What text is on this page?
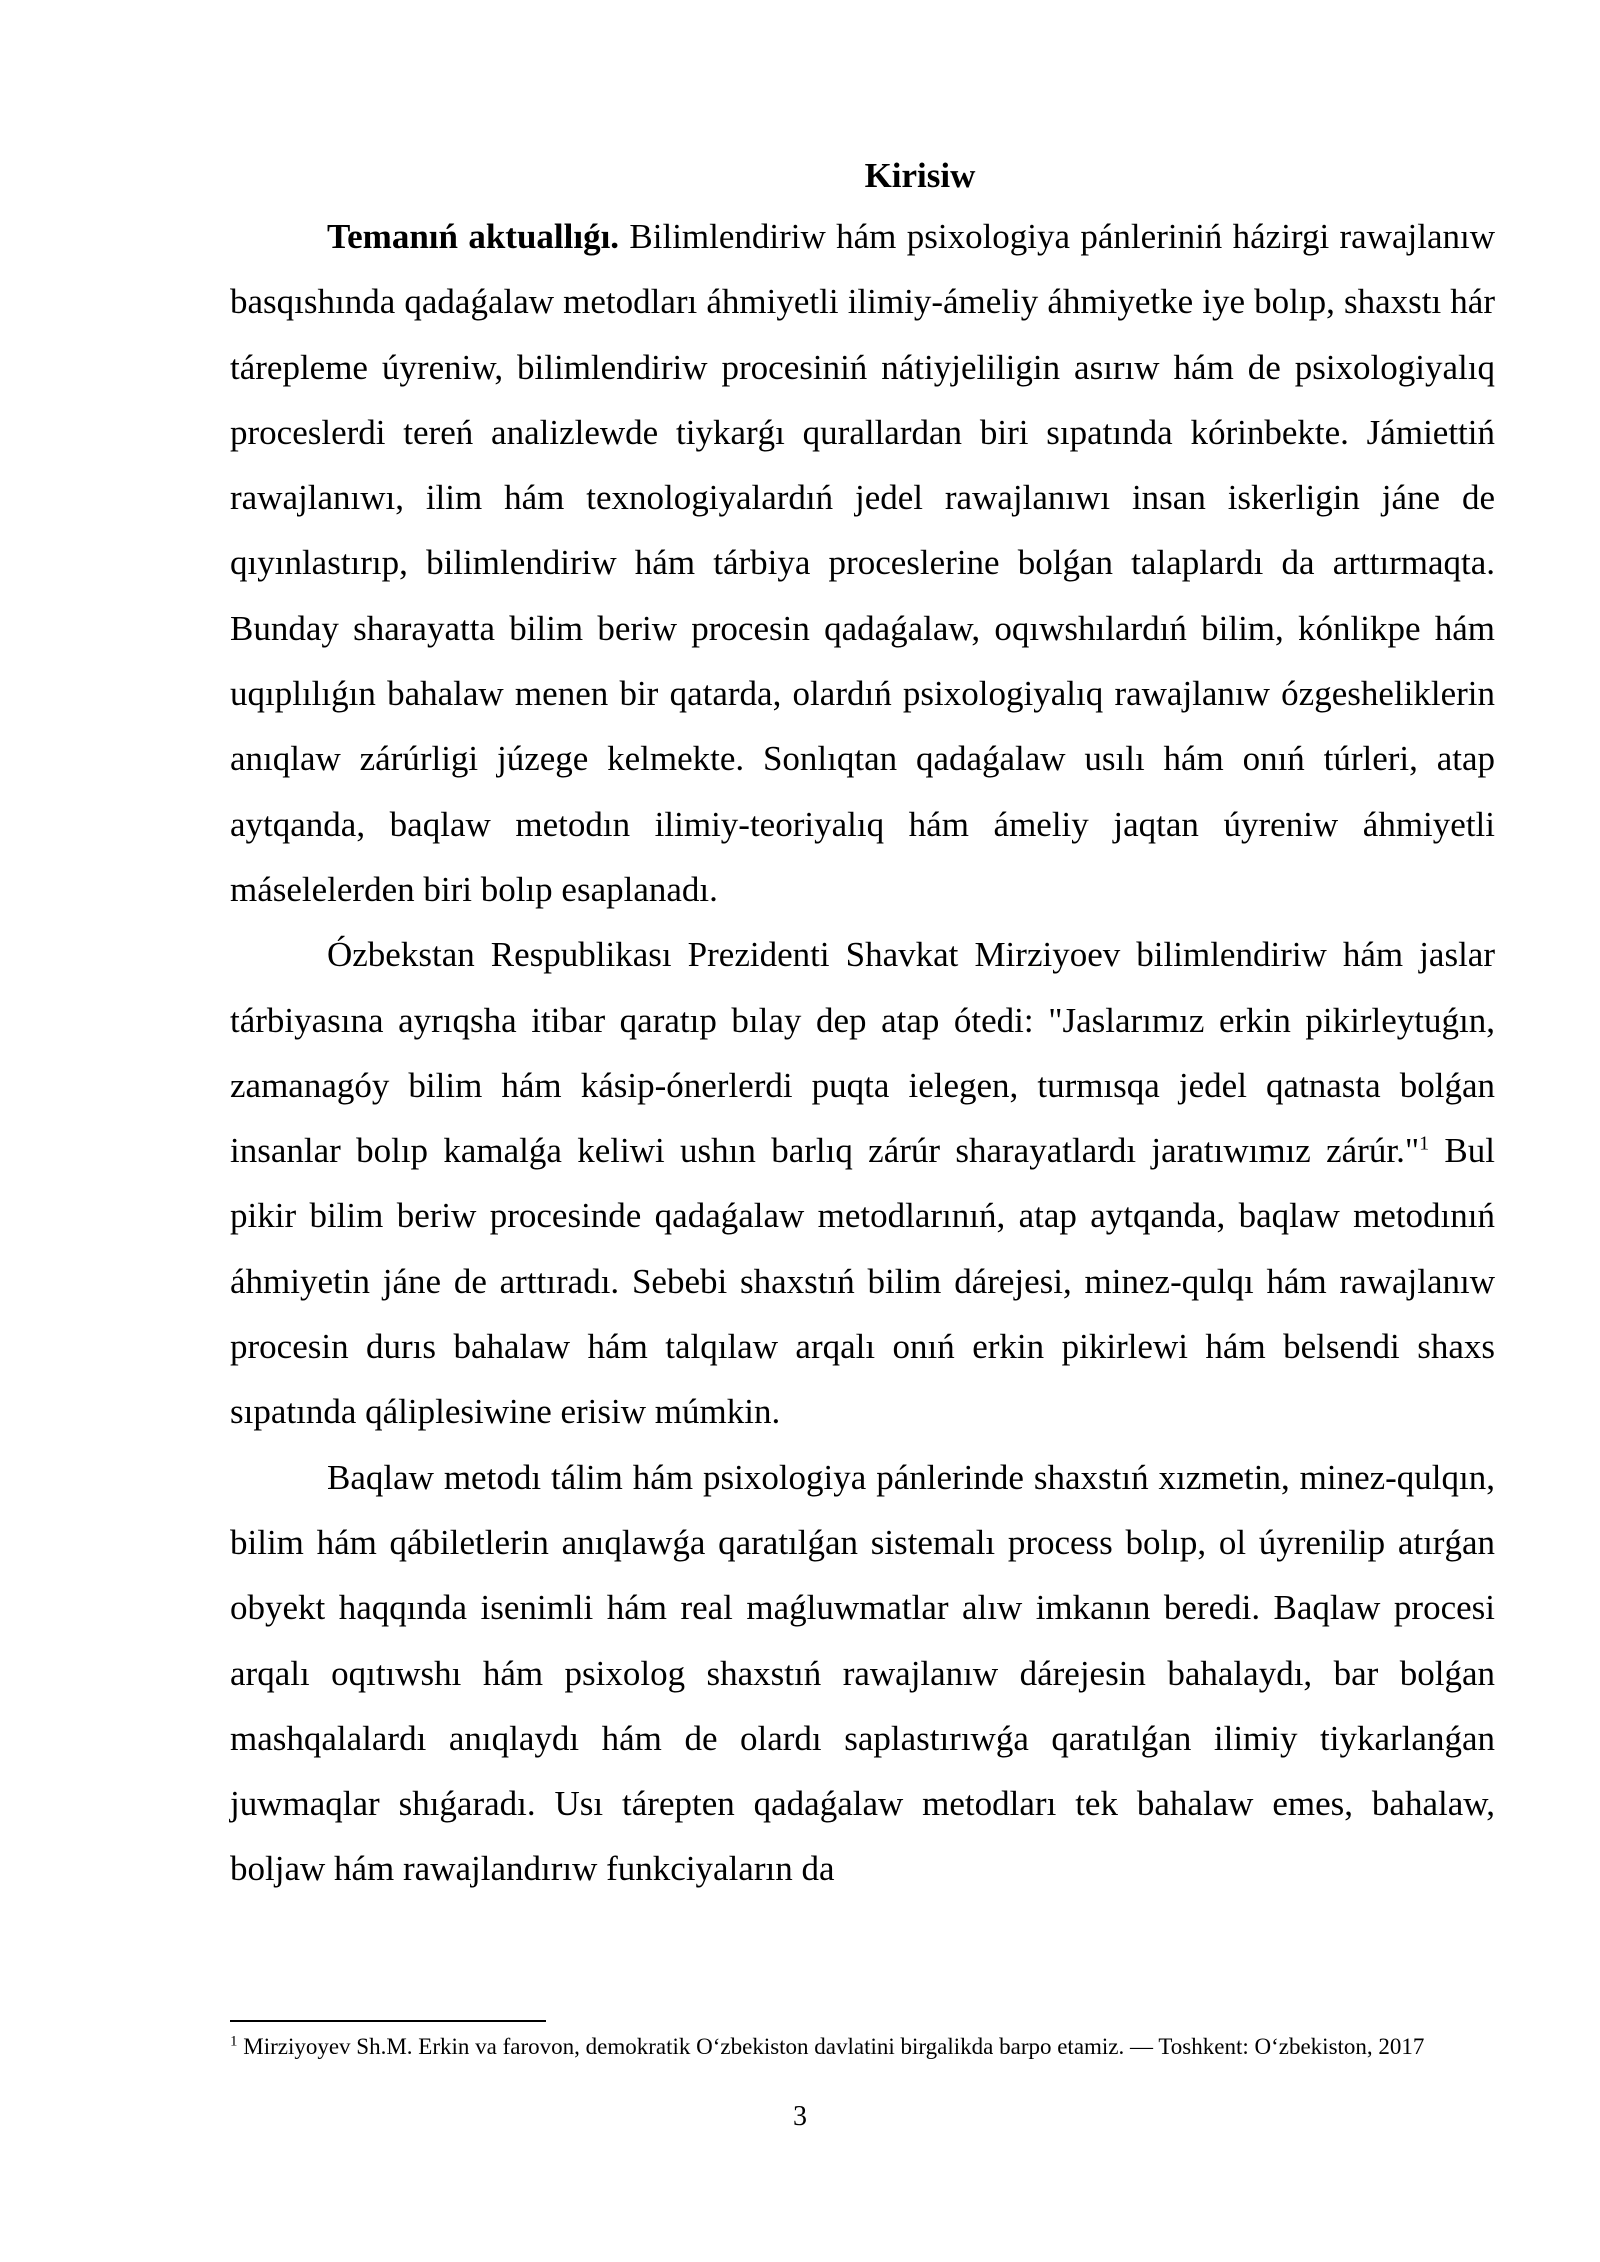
Kirisiw

Temanıń aktuallıǵı. Bilimlendiriw hám psixologiya pánleriniń házirgi rawajlanıw basqıshında qadaǵalaw metodları áhmiyetli ilimiy-ámeliy áhmiyetke iye bolıp, shaxstı hár tárepleme úyreniw, bilimlendiriw procesiniń nátiyjeliligin asırıw hám de psixologiyalıq proceslerdi tereń analizlewde tiykarǵı qurallardan biri sıpatında kórinbekte. Jámiettiń rawajlanıwı, ilim hám texnologiyalardıń jedel rawajlanıwı insan iskerligin jáne de qıyınlastırıp, bilimlendiriw hám tárbiya proceslerine bolǵan talaplardı da arttırmaqta. Bunday sharayatta bilim beriw procesin qadaǵalaw, oqıwshılardıń bilim, kónlikpe hám uqıplılıǵın bahalaw menen bir qatarda, olardıń psixologiyalıq rawajlanıw ózgesheliklerin anıqlaw zárúrligi júzege kelmekte. Sonlıqtan qadaǵalaw usılı hám onıń túrleri, atap aytqanda, baqlaw metodın ilimiy-teoriyalıq hám ámeliy jaqtan úyreniw áhmiyetli máselelerden biri bolıp esaplanadı.

Ózbekstan Respublikası Prezidenti Shavkat Mirziyoev bilimlendiriw hám jaslar tárbiyasına ayrıqsha itibar qaratıp bılay dep atap ótedi: "Jaslarımız erkin pikirleytuǵın, zamanagóy bilim hám kásip-ónerlerdi puqta ielegen, turmısqa jedel qatnasta bolǵan insanlar bolıp kamalǵa keliwi ushın barlıq zárúr sharayatlardı jaratıwımız zárúr."$^1$ Bul pikir bilim beriw procesinde qadaǵalaw metodlarınıń, atap aytqanda, baqlaw metodınıń áhmiyetin jáne de arttıradı. Sebebi shaxstıń bilim dárejesi, minez-qulqı hám rawajlanıw procesin durıs bahalaw hám talqılaw arqalı onıń erkin pikirlewi hám belsendi shaxs sıpatında qáliplesiwine erisiw múmkin.

Baqlaw metodı tálim hám psixologiya pánlerinde shaxstıń xızmetin, minez-qulqın, bilim hám qábiletlerin anıqlawǵa qaratılǵan sistemalı process bolıp, ol úyrenilip atırǵan obyekt haqqında isenimli hám real maǵluwmatlar alıw imkanın beredi. Baqlaw procesi arqalı oqıtıwshı hám psixolog shaxstıń rawajlanıw dárejesin bahalaydı, bar bolǵan mashqalalardı anıqlaydı hám de olardı saplastırıwǵa qaratılǵan ilimiy tiykarlanǵan juwmaqlar shıǵaradı. Usı tárepten qadaǵalaw metodları tek bahalaw emes, bahalaw, boljaw hám rawajlandırıw funkciyaların da

$^1$ Mirziyoyev Sh.M. Erkin va farovon, demokratik O‘zbekiston davlatini birgalikda barpo etamiz. — Toshkent: O‘zbekiston, 2017

3
